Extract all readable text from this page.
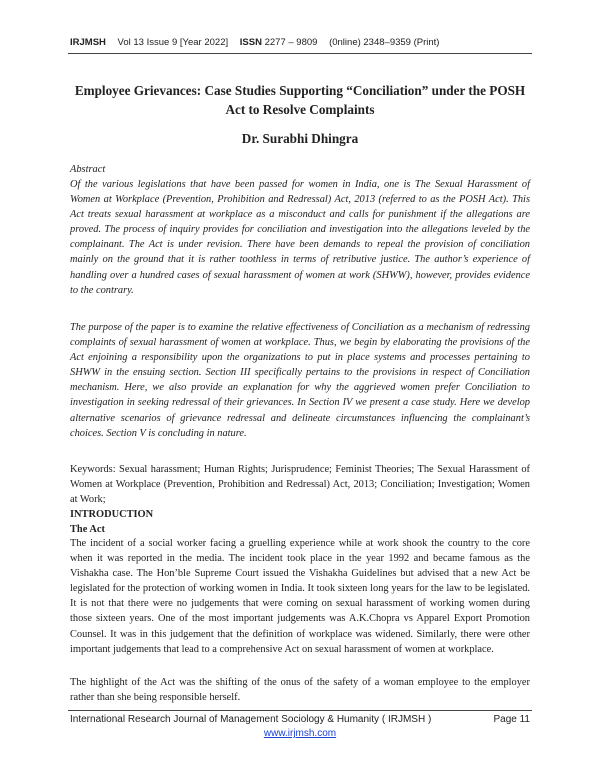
IRJMSH Vol 13 Issue 9 [Year 2022] ISSN 2277 – 9809 (0nline) 2348–9359 (Print)
Employee Grievances: Case Studies Supporting “Conciliation” under the POSH Act to Resolve Complaints
Dr. Surabhi Dhingra
Abstract
Of the various legislations that have been passed for women in India, one is The Sexual Harassment of Women at Workplace (Prevention, Prohibition and Redressal) Act, 2013 (referred to as the POSH Act). This Act treats sexual harassment at workplace as a misconduct and calls for punishment if the allegations are proved. The process of inquiry provides for conciliation and investigation into the allegations leveled by the complainant. The Act is under revision. There have been demands to repeal the provision of conciliation mainly on the ground that it is rather toothless in terms of retributive justice. The author’s experience of handling over a hundred cases of sexual harassment of women at work (SHWW), however, provides evidence to the contrary.
The purpose of the paper is to examine the relative effectiveness of Conciliation as a mechanism of redressing complaints of sexual harassment of women at workplace. Thus, we begin by elaborating the provisions of the Act enjoining a responsibility upon the organizations to put in place systems and processes pertaining to SHWW in the ensuing section. Section III specifically pertains to the provisions in respect of Conciliation mechanism. Here, we also provide an explanation for why the aggrieved women prefer Conciliation to investigation in seeking redressal of their grievances. In Section IV we present a case study. Here we develop alternative scenarios of grievance redressal and delineate circumstances influencing the complainant’s choices. Section V is concluding in nature.
Keywords: Sexual harassment; Human Rights; Jurisprudence; Feminist Theories; The Sexual Harassment of Women at Workplace (Prevention, Prohibition and Redressal) Act, 2013; Conciliation; Investigation; Women at Work;
INTRODUCTION
The Act
The incident of a social worker facing a gruelling experience while at work shook the country to the core when it was reported in the media. The incident took place in the year 1992 and became famous as the Vishakha case. The Hon’ble Supreme Court issued the Vishakha Guidelines but advised that a new Act be legislated for the protection of working women in India. It took sixteen long years for the law to be legislated. It is not that there were no judgements that were coming on sexual harassment of working women during those sixteen years. One of the most important judgements was A.K.Chopra vs Apparel Export Promotion Counsel. It was in this judgement that the definition of workplace was widened. Similarly, there were other important judgements that lead to a comprehensive Act on sexual harassment of women at workplace.
The highlight of the Act was the shifting of the onus of the safety of a woman employee to the employer rather than she being responsible herself.
International Research Journal of Management Sociology & Humanity ( IRJMSH )	Page 11
www.irjmsh.com
